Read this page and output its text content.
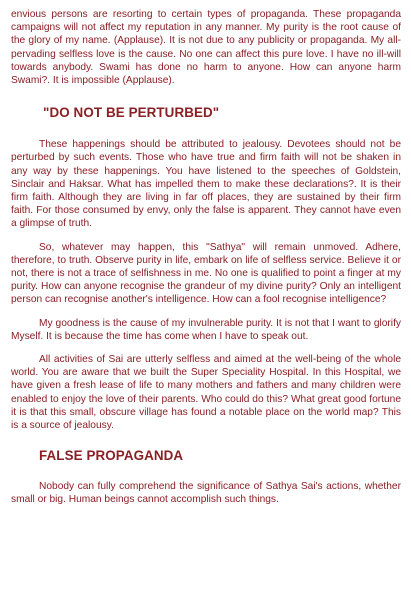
envious persons are resorting to certain types of propaganda. These propaganda campaigns will not affect my reputation in any manner. My purity is the root cause of the glory of my name. (Applause). It is not due to any publicity or propaganda. My all-pervading selfless love is the cause. No one can affect this pure love. I have no ill-will towards anybody. Swami has done no harm to anyone. How can anyone harm Swami?. It is impossible (Applause).

"DO NOT BE PERTURBED"

These happenings should be attributed to jealousy. Devotees should not be perturbed by such events. Those who have true and firm faith will not be shaken in any way by these happenings. You have listened to the speeches of Goldstein, Sinclair and Haksar. What has impelled them to make these declarations?. It is their firm faith. Although they are living in far off places, they are sustained by their firm faith. For those consumed by envy, only the false is apparent. They cannot have even a glimpse of truth.

So, whatever may happen, this "Sathya" will remain unmoved. Adhere, therefore, to truth. Observe purity in life, embark on life of selfless service. Believe it or not, there is not a trace of selfishness in me. No one is qualified to point a finger at my purity. How can anyone recognise the grandeur of my divine purity? Only an intelligent person can recognise another's intelligence. How can a fool recognise intelligence?

My goodness is the cause of my invulnerable purity. It is not that I want to glorify Myself. It is because the time has come when I have to speak out.

All activities of Sai are utterly selfless and aimed at the well-being of the whole world. You are aware that we built the Super Speciality Hospital. In this Hospital, we have given a fresh lease of life to many mothers and fathers and many children were enabled to enjoy the love of their parents. Who could do this? What great good fortune it is that this small, obscure village has found a notable place on the world map? This is a source of jealousy.

FALSE PROPAGANDA

Nobody can fully comprehend the significance of Sathya Sai's actions, whether small or big. Human beings cannot accomplish such things.
